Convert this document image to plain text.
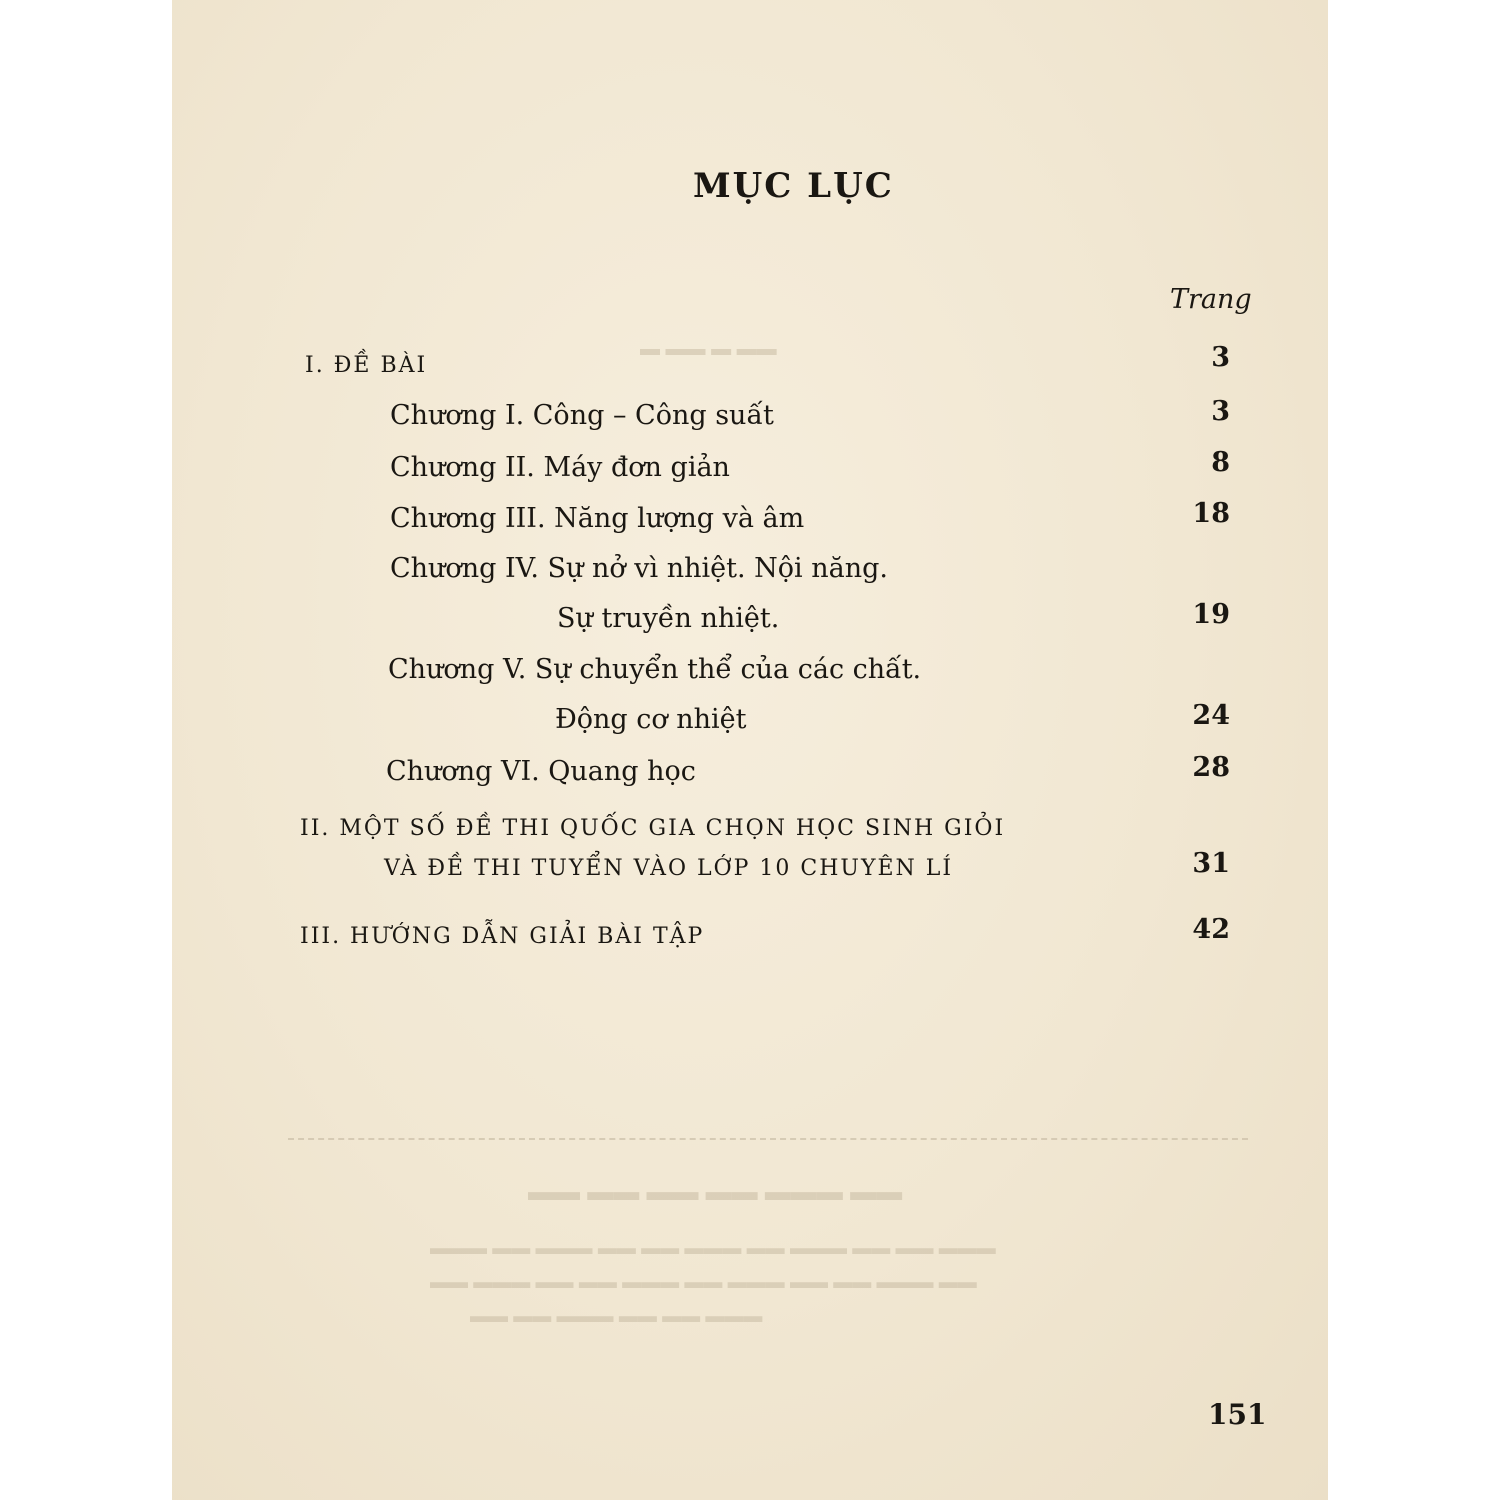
▬ ▬▬ ▬ ▬▬
▬▬ ▬▬ ▬▬ ▬▬ ▬▬▬ ▬▬
▬▬▬ ▬▬ ▬▬▬ ▬▬ ▬▬ ▬▬▬ ▬▬ ▬▬▬ ▬▬ ▬▬ ▬▬▬
▬▬ ▬▬▬ ▬▬ ▬▬ ▬▬▬ ▬▬ ▬▬▬ ▬▬ ▬▬ ▬▬▬ ▬▬
▬▬ ▬▬ ▬▬▬ ▬▬ ▬▬ ▬▬▬
MỤC LỤC
Trang
I. ĐỀ BÀI	3
Chương I. Công – Công suất	3
Chương II. Máy đơn giản	8
Chương III. Năng lượng và âm	18
Chương IV. Sự nở vì nhiệt. Nội năng.
Sự truyền nhiệt.	19
Chương V. Sự chuyển thể của các chất.
Động cơ nhiệt	24
Chương VI. Quang học	28
II. MỘT SỐ ĐỀ THI QUỐC GIA CHỌN HỌC SINH GIỎI
VÀ ĐỀ THI TUYỂN VÀO LỚP 10 CHUYÊN LÍ	31
III. HƯỚNG DẪN GIẢI BÀI TẬP	42
151
